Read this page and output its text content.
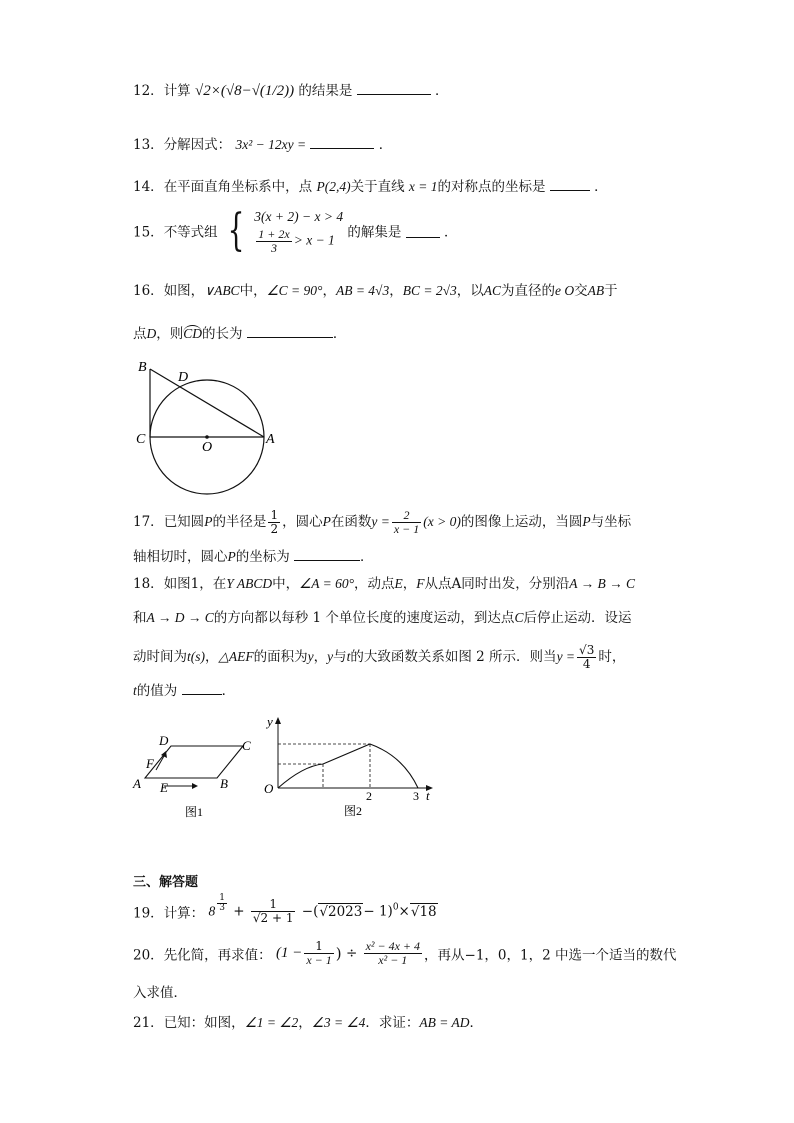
12．计算 √2×(√8−√(1/2)) 的结果是	．
13．分解因式： 3x² − 12xy =	．
14．在平面直角坐标系中，点 P(2,4)关于直线 x = 1的对称点的坐标是	．
15．不等式组 { 3(x + 2) − x > 4
$\frac{1 + 2x}{3} > x - 1$ 的解集是	．
16．如图，∨ABC中，∠C = 90°，AB = 4√3，BC = 2√3，以AC为直径的e O交AB于
点D，则CD的长为	．
B
D
C
O
A
17．已知圆P的半径是 $\frac{1}{2}$ ，圆心P在函数$y = \frac{2}{x - 1} (x > 0)$的图像上运动，当圆P与坐标
轴相切时，圆心P的坐标为	．
18．如图1，在Y ABCD中，∠A = 60°，动点E，F从点A同时出发，分别沿A → B → C
和A → D → C的方向都以每秒 1 个单位长度的速度运动，到达点C后停止运动．设运
动时间为t(s)，△AEF的面积为y，y与t的大致函数关系如图 2 所示．则当$y = \frac{√3}{4}$ 时，
t的值为	．
D	C
F
A E	B
图1
y
O	2	3 t
图2
三、解答题
19．计算： $8 \frac{1}{3} + \frac{1}{√2 + 1} -(√2023- 1)^0\times√18$
20．先化简，再求值： ($1 - \frac{1}{x - 1}$ ) ÷ $\frac{\text{x² − 4x + 4}}{\text{x² − 1}}$ ，再从−1，0，1，2 中选一个适当的数代
入求值．
21．已知：如图，∠1 = ∠2，∠3 = ∠4．求证：AB = AD．
